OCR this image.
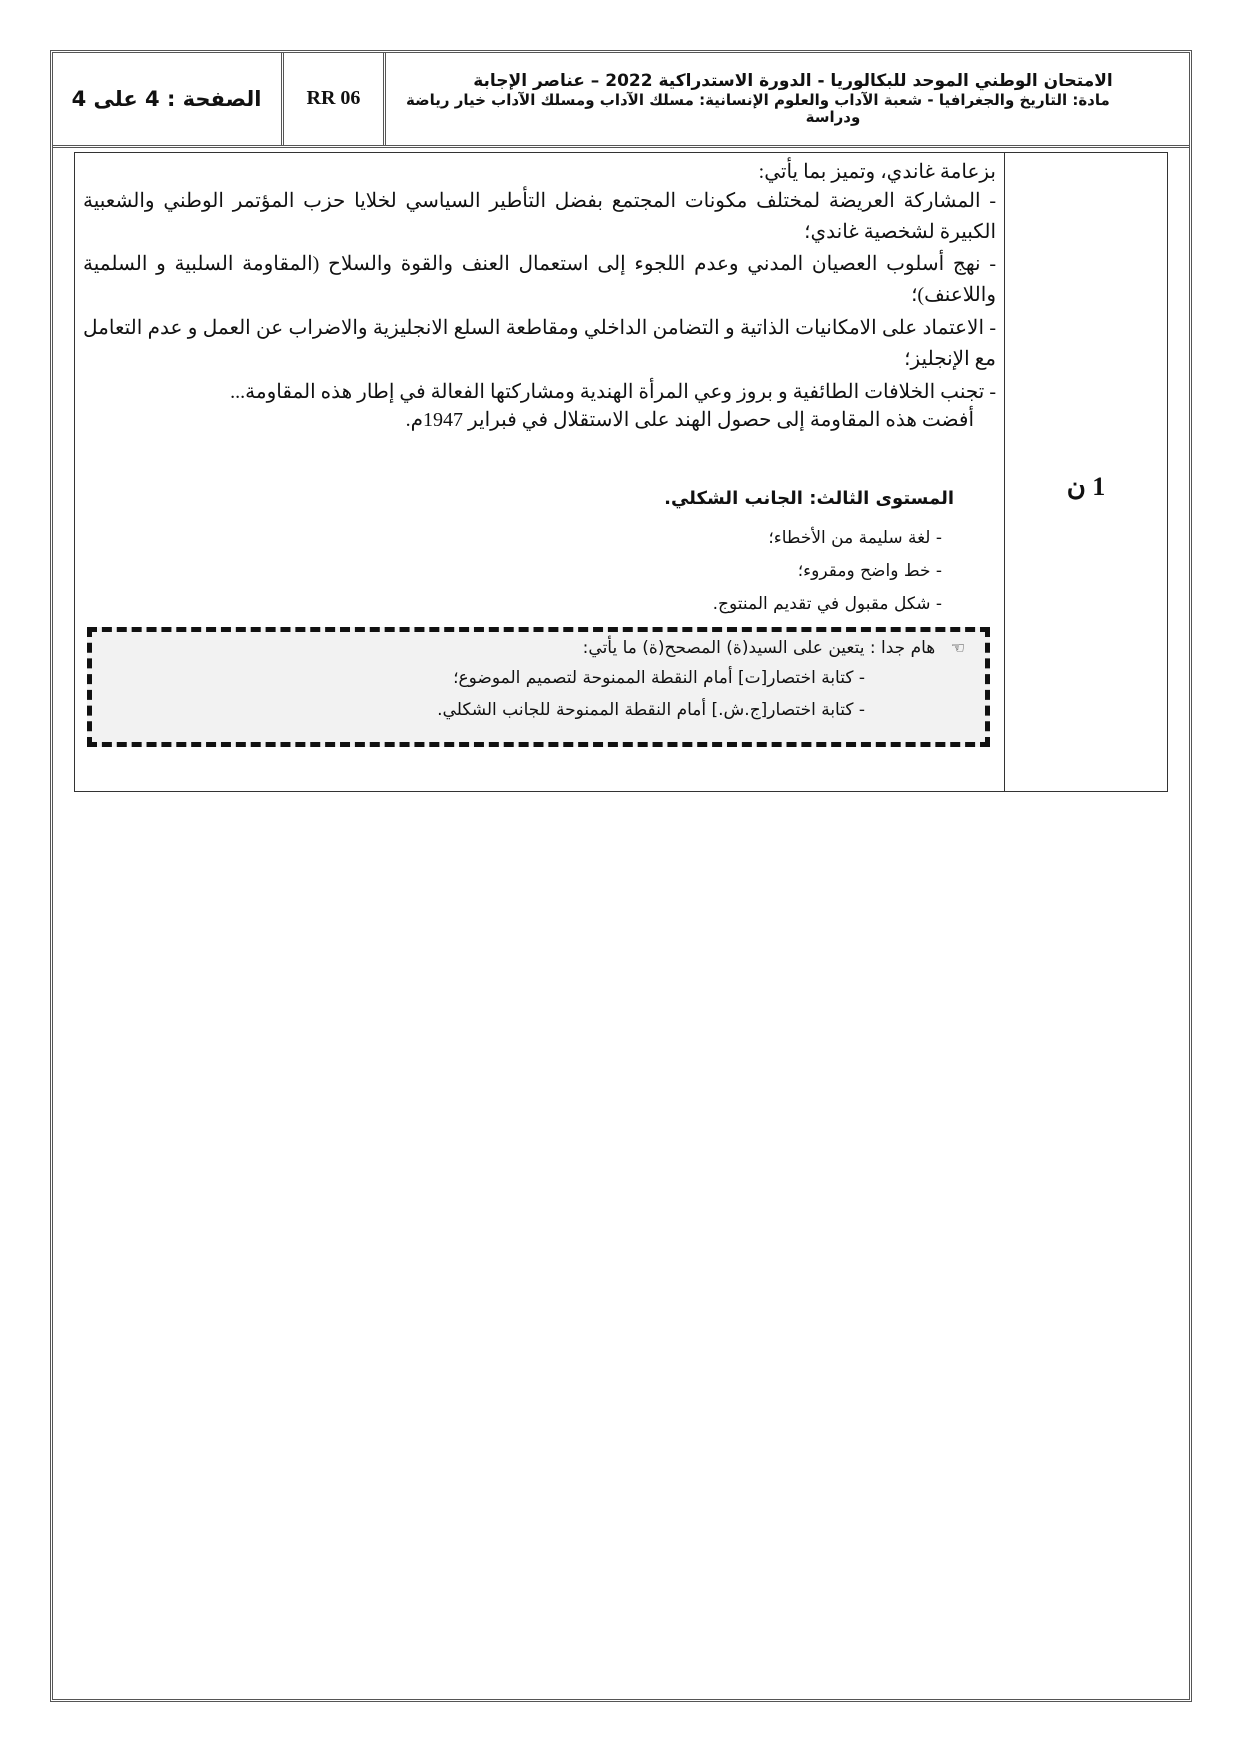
الصفحة : 4 على 4	RR 06
الامتحان الوطني الموحد للبكالوريا - الدورة الاستدراكية 2022 – عناصر الإجابة
مادة: التاريخ والجغرافيا - شعبة الآداب والعلوم الإنسانية: مسلك الآداب ومسلك الآداب خيار رياضة
ودراسة
بزعامة غاندي، وتميز بما يأتي:
- المشاركة العريضة لمختلف مكونات المجتمع بفضل التأطير السياسي لخلايا حزب المؤتمر الوطني والشعبية الكبيرة لشخصية غاندي؛
- نهج أسلوب العصيان المدني وعدم اللجوء إلى استعمال العنف والقوة والسلاح (المقاومة السلبية و السلمية واللاعنف)؛
- الاعتماد على الامكانيات الذاتية و التضامن الداخلي ومقاطعة السلع الانجليزية والاضراب عن العمل و عدم التعامل مع الإنجليز؛
- تجنب الخلافات الطائفية و بروز وعي المرأة الهندية ومشاركتها الفعالة في إطار هذه المقاومة...
أفضت هذه المقاومة إلى حصول الهند على الاستقلال في فبراير 1947م.
المستوى الثالث: الجانب الشكلي.
- لغة سليمة من الأخطاء؛
- خط واضح ومقروء؛
- شكل مقبول في تقديم المنتوج.
☜ هام جدا : يتعين على السيد(ة) المصحح(ة) ما يأتي:
- كتابة اختصار[ت] أمام النقطة الممنوحة لتصميم الموضوع؛
- كتابة اختصار[ج.ش.] أمام النقطة الممنوحة للجانب الشكلي.
1 ن
